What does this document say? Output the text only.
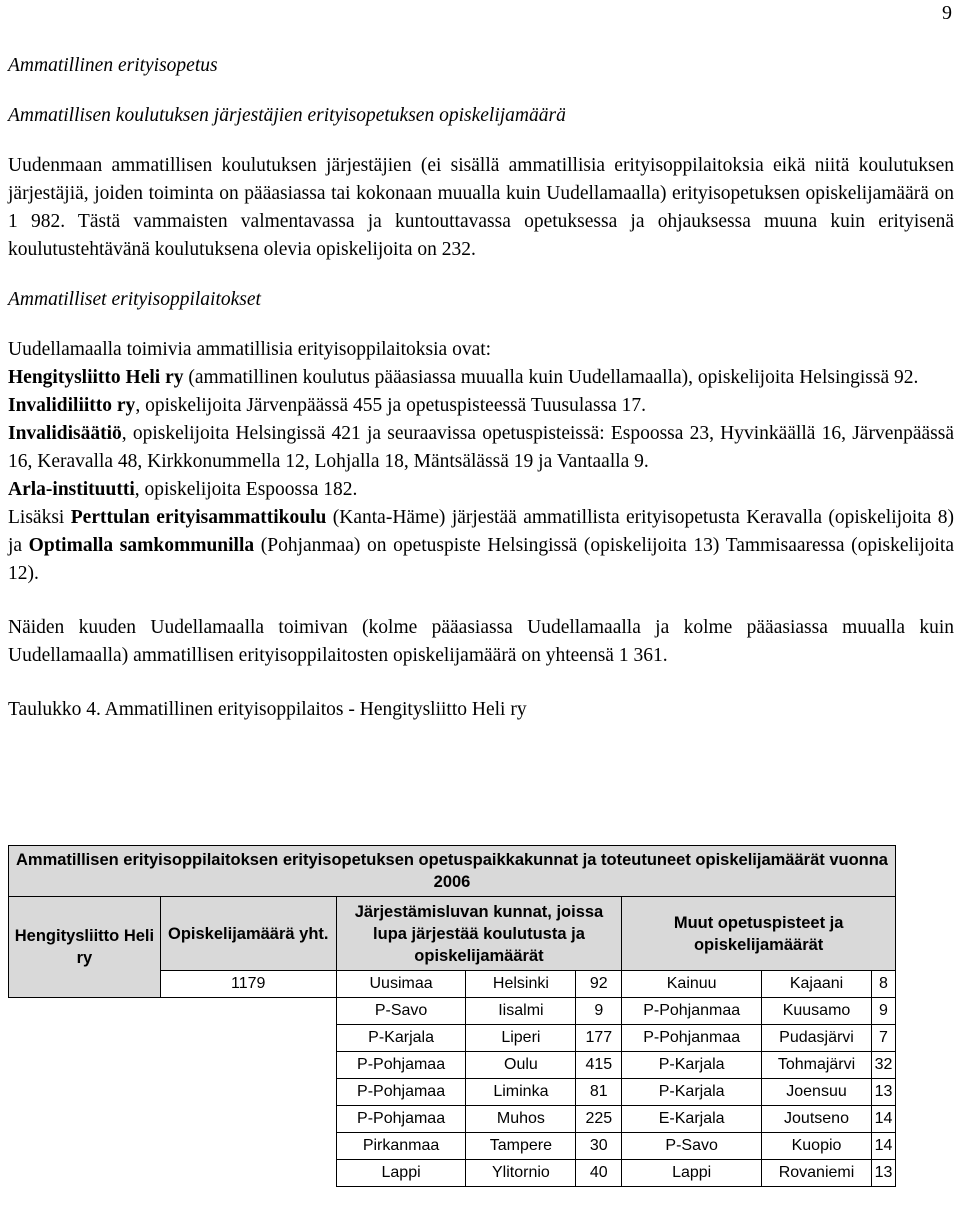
9

Ammatillinen erityisopetus

Ammatillisen koulutuksen järjestäjien erityisopetuksen opiskelijamäärä

Uudenmaan ammatillisen koulutuksen järjestäjien (ei sisällä ammatillisia erityisoppilaitoksia eikä niitä koulutuksen järjestäjiä, joiden toiminta on pääasiassa tai kokonaan muualla kuin Uudellamaalla) erityisopetuksen opiskelijamäärä on 1 982. Tästä vammaisten valmentavassa ja kuntouttavassa opetuksessa ja ohjauksessa muuna kuin erityisenä koulutustehtävänä koulutuksena olevia opiskelijoita on 232.

Ammatilliset erityisoppilaitokset

Uudellamaalla toimivia ammatillisia erityisoppilaitoksia ovat:

Hengitysliitto Heli ry (ammatillinen koulutus pääasiassa muualla kuin Uudellamaalla), opiskelijoita Helsingissä 92.

Invalidiliitto ry, opiskelijoita Järvenpäässä 455 ja opetuspisteessä Tuusulassa 17.

Invalidisäätiö, opiskelijoita Helsingissä 421 ja seuraavissa opetuspisteissä: Espoossa 23, Hyvinkäällä 16, Järvenpäässä 16, Keravalla 48, Kirkkonummella 12, Lohjalla 18, Mäntsälässä 19 ja Vantaalla 9.

Arla-instituutti, opiskelijoita Espoossa 182.

Lisäksi Perttulan erityisammattikoulu (Kanta-Häme) järjestää ammatillista erityisopetusta Keravalla (opiskelijoita 8) ja Optimalla samkommunilla (Pohjanmaa) on opetuspiste Helsingissä (opiskelijoita 13) Tammisaaressa (opiskelijoita 12).

Näiden kuuden Uudellamaalla toimivan (kolme pääasiassa Uudellamaalla ja kolme pääasiassa muualla kuin Uudellamaalla) ammatillisen erityisoppilaitosten opiskelijamäärä on yhteensä 1 361.

Taulukko 4. Ammatillinen erityisoppilaitos - Hengitysliitto Heli ry

Ammatillisen erityisoppilaitoksen erityisopetuksen opetuspaikkakunnat ja toteutuneet opiskelijamäärät vuonna 2006							
Hengitysliitto Heli ry	Opiskelijamäärä yht.	Järjestämisluvan kunnat, joissa lupa järjestää koulutusta ja opiskelijamäärät			Muut opetuspisteet ja opiskelijamäärät		
	1179	Uusimaa	Helsinki	92	Kainuu	Kajaani	8
		P-Savo	Iisalmi	9	P-Pohjanmaa	Kuusamo	9
		P-Karjala	Liperi	177	P-Pohjanmaa	Pudasjärvi	7
		P-Pohjamaa	Oulu	415	P-Karjala	Tohmajärvi	32
		P-Pohjamaa	Liminka	81	P-Karjala	Joensuu	13
		P-Pohjamaa	Muhos	225	E-Karjala	Joutseno	14
		Pirkanmaa	Tampere	30	P-Savo	Kuopio	14
		Lappi	Ylitornio	40	Lappi	Rovaniemi	13
